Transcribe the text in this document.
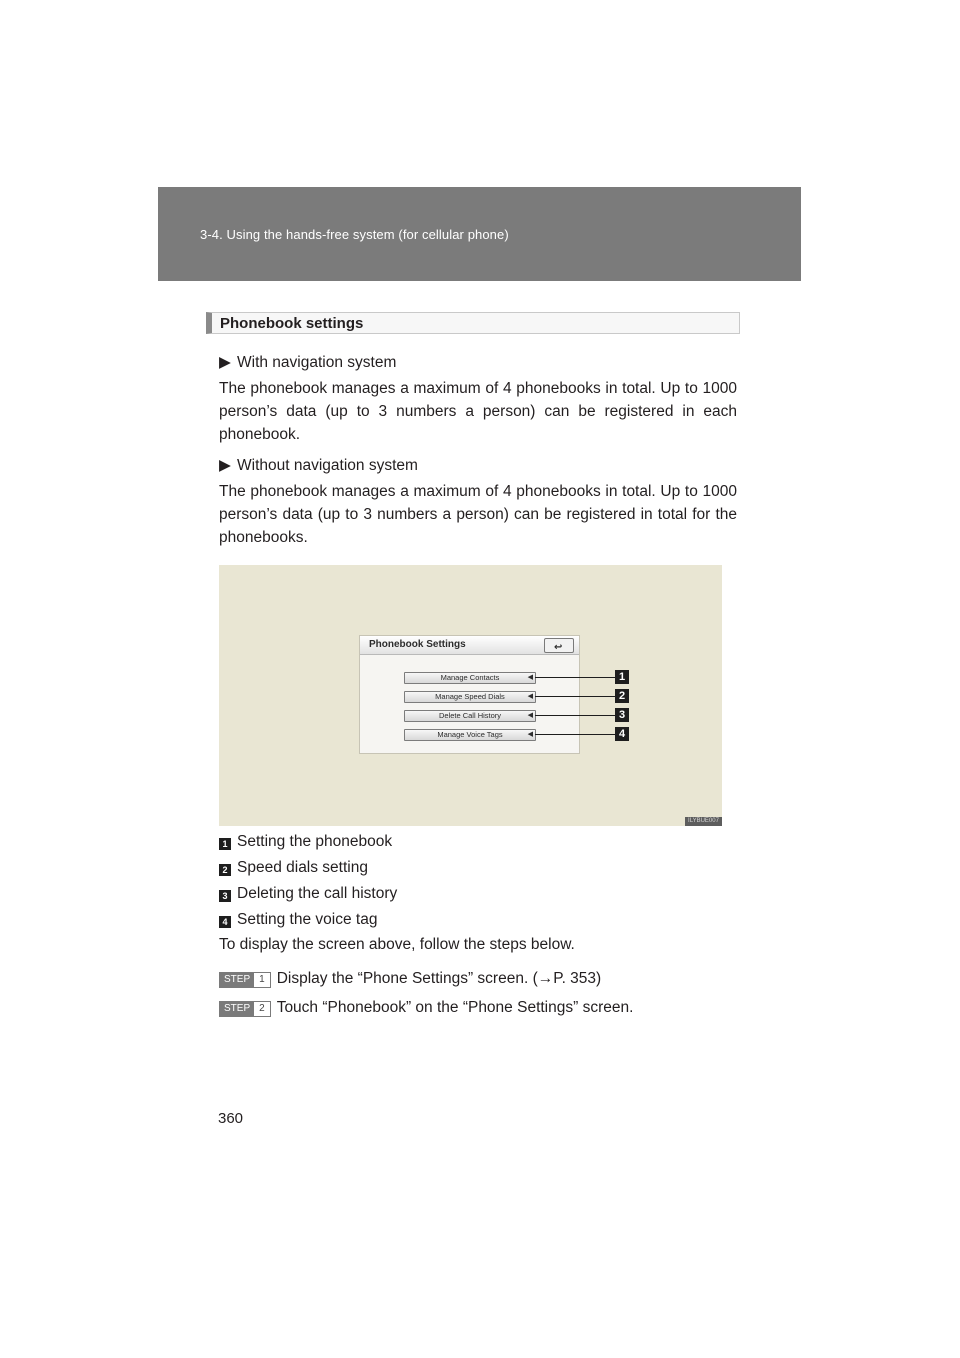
3-4. Using the hands-free system (for cellular phone)
Phonebook settings
▶ With navigation system
The phonebook manages a maximum of 4 phonebooks in total. Up to 1000 person’s data (up to 3 numbers a person) can be registered in each phonebook.
▶ Without navigation system
The phonebook manages a maximum of 4 phonebooks in total. Up to 1000 person’s data (up to 3 numbers a person) can be registered in total for the phonebooks.
Phonebook Settings	↩
Manage Contacts	◀
Manage Speed Dials	◀
Delete Call History	◀
Manage Voice Tags	◀
1
2
3
4
ILYBUE007
1 Setting the phonebook
2 Speed dials setting
3 Deleting the call history
4 Setting the voice tag
To display the screen above, follow the steps below.
STEP 1 Display the “Phone Settings” screen. (→P. 353)
STEP 2 Touch “Phonebook” on the “Phone Settings” screen.
360
